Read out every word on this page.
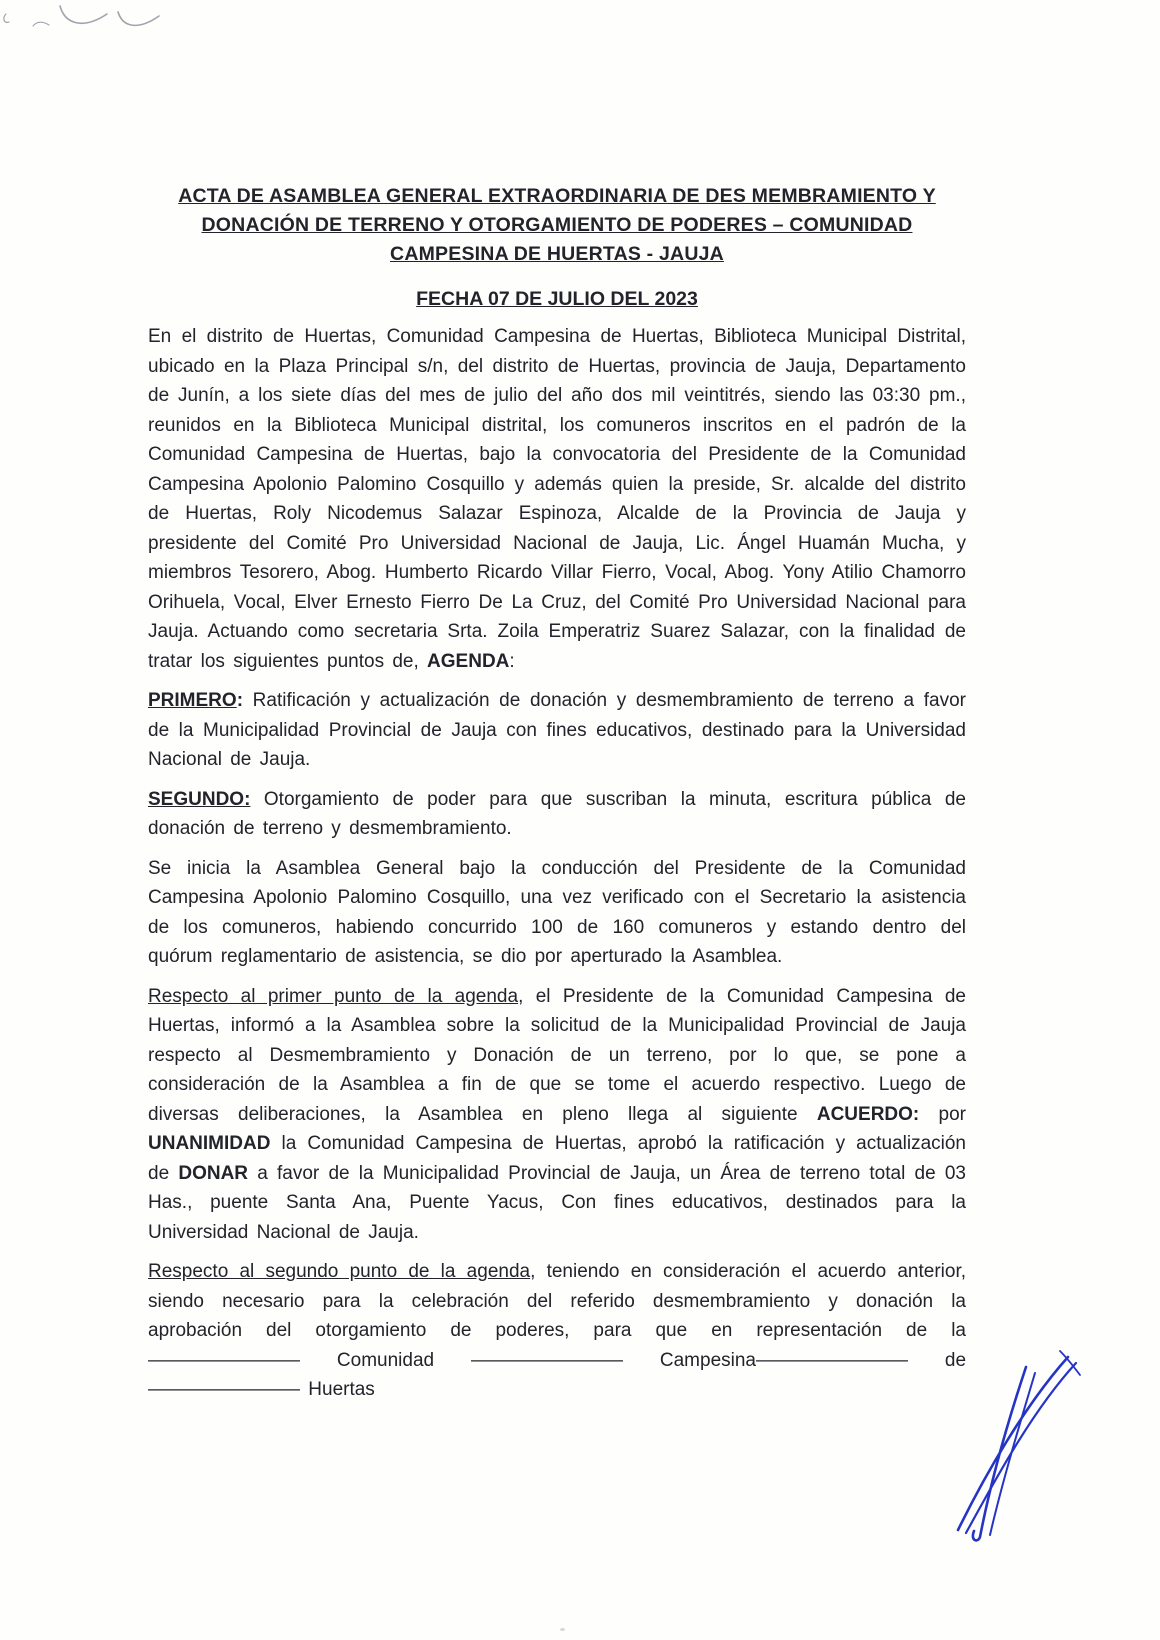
ACTA DE ASAMBLEA GENERAL EXTRAORDINARIA DE DES MEMBRAMIENTO Y
DONACIÓN DE TERRENO Y OTORGAMIENTO DE PODERES – COMUNIDAD
CAMPESINA DE HUERTAS - JAUJA
FECHA 07 DE JULIO DEL 2023

En el distrito de Huertas, Comunidad Campesina de Huertas, Biblioteca Municipal Distrital, ubicado en la Plaza Principal s/n, del distrito de Huertas, provincia de Jauja, Departamento de Junín, a los siete días del mes de julio del año dos mil veintitrés, siendo las 03:30 pm., reunidos en la Biblioteca Municipal distrital, los comuneros inscritos en el padrón de la Comunidad Campesina de Huertas, bajo la convocatoria del Presidente de la Comunidad Campesina Apolonio Palomino Cosquillo y además quien la preside, Sr. alcalde del distrito de Huertas, Roly Nicodemus Salazar Espinoza, Alcalde de la Provincia de Jauja y presidente del Comité Pro Universidad Nacional de Jauja, Lic. Ángel Huamán Mucha, y miembros Tesorero, Abog. Humberto Ricardo Villar Fierro, Vocal, Abog. Yony Atilio Chamorro Orihuela, Vocal, Elver Ernesto Fierro De La Cruz, del Comité Pro Universidad Nacional para Jauja. Actuando como secretaria Srta. Zoila Emperatriz Suarez Salazar, con la finalidad de tratar los siguientes puntos de, AGENDA:

PRIMERO: Ratificación y actualización de donación y desmembramiento de terreno a favor de la Municipalidad Provincial de Jauja con fines educativos, destinado para la Universidad Nacional de Jauja.

SEGUNDO: Otorgamiento de poder para que suscriban la minuta, escritura pública de donación de terreno y desmembramiento.

Se inicia la Asamblea General bajo la conducción del Presidente de la Comunidad Campesina Apolonio Palomino Cosquillo, una vez verificado con el Secretario la asistencia de los comuneros, habiendo concurrido 100 de 160 comuneros y estando dentro del quórum reglamentario de asistencia, se dio por aperturado la Asamblea.

Respecto al primer punto de la agenda, el Presidente de la Comunidad Campesina de Huertas, informó a la Asamblea sobre la solicitud de la Municipalidad Provincial de Jauja respecto al Desmembramiento y Donación de un terreno, por lo que, se pone a consideración de la Asamblea a fin de que se tome el acuerdo respectivo. Luego de diversas deliberaciones, la Asamblea en pleno llega al siguiente ACUERDO: por UNANIMIDAD la Comunidad Campesina de Huertas, aprobó la ratificación y actualización de DONAR a favor de la Municipalidad Provincial de Jauja, un Área de terreno total de 03 Has., puente Santa Ana, Puente Yacus, Con fines educativos, destinados para la Universidad Nacional de Jauja.

Respecto al segundo punto de la agenda, teniendo en consideración el acuerdo anterior, siendo necesario para la celebración del referido desmembramiento y donación la aprobación del otorgamiento de poderes, para que en representación de la ———————— Comunidad ———————— Campesina———————— de———————— Huertas
